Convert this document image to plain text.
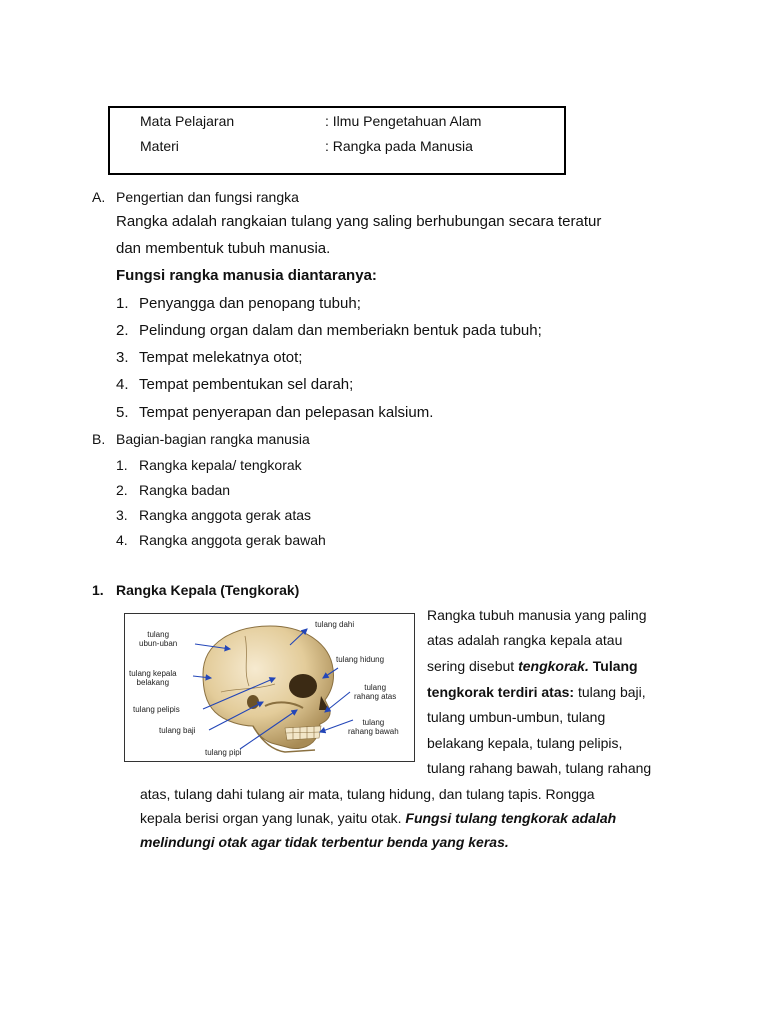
Mata Pelajaran	: Ilmu Pengetahuan Alam
Materi	: Rangka pada Manusia
A. Pengertian dan fungsi rangka
Rangka adalah rangkaian tulang yang saling berhubungan secara teratur
dan membentuk tubuh manusia.
Fungsi rangka manusia diantaranya:
1. Penyangga dan penopang tubuh;
2. Pelindung organ dalam dan memberiakn bentuk pada tubuh;
3. Tempat melekatnya otot;
4. Tempat pembentukan sel darah;
5. Tempat penyerapan dan pelepasan kalsium.
B. Bagian-bagian rangka manusia
1. Rangka kepala/ tengkorak
2. Rangka badan
3. Rangka anggota gerak atas
4. Rangka anggota gerak bawah
1. Rangka Kepala (Tengkorak)
tulang
ubun-uban
tulang dahi
tulang kepala
belakang
tulang hidung
tulang
rahang atas
tulang pelipis
tulang baji
tulang
rahang bawah
tulang pipi
Rangka tubuh manusia yang paling
atas adalah rangka kepala atau
sering disebut tengkorak. Tulang
tengkorak terdiri atas: tulang baji,
tulang umbun-umbun, tulang
belakang kepala, tulang pelipis,
tulang rahang bawah, tulang rahang
atas, tulang dahi tulang air mata, tulang hidung, dan tulang tapis. Rongga
kepala berisi organ yang lunak, yaitu otak. Fungsi tulang tengkorak adalah
melindungi otak agar tidak terbentur benda yang keras.
